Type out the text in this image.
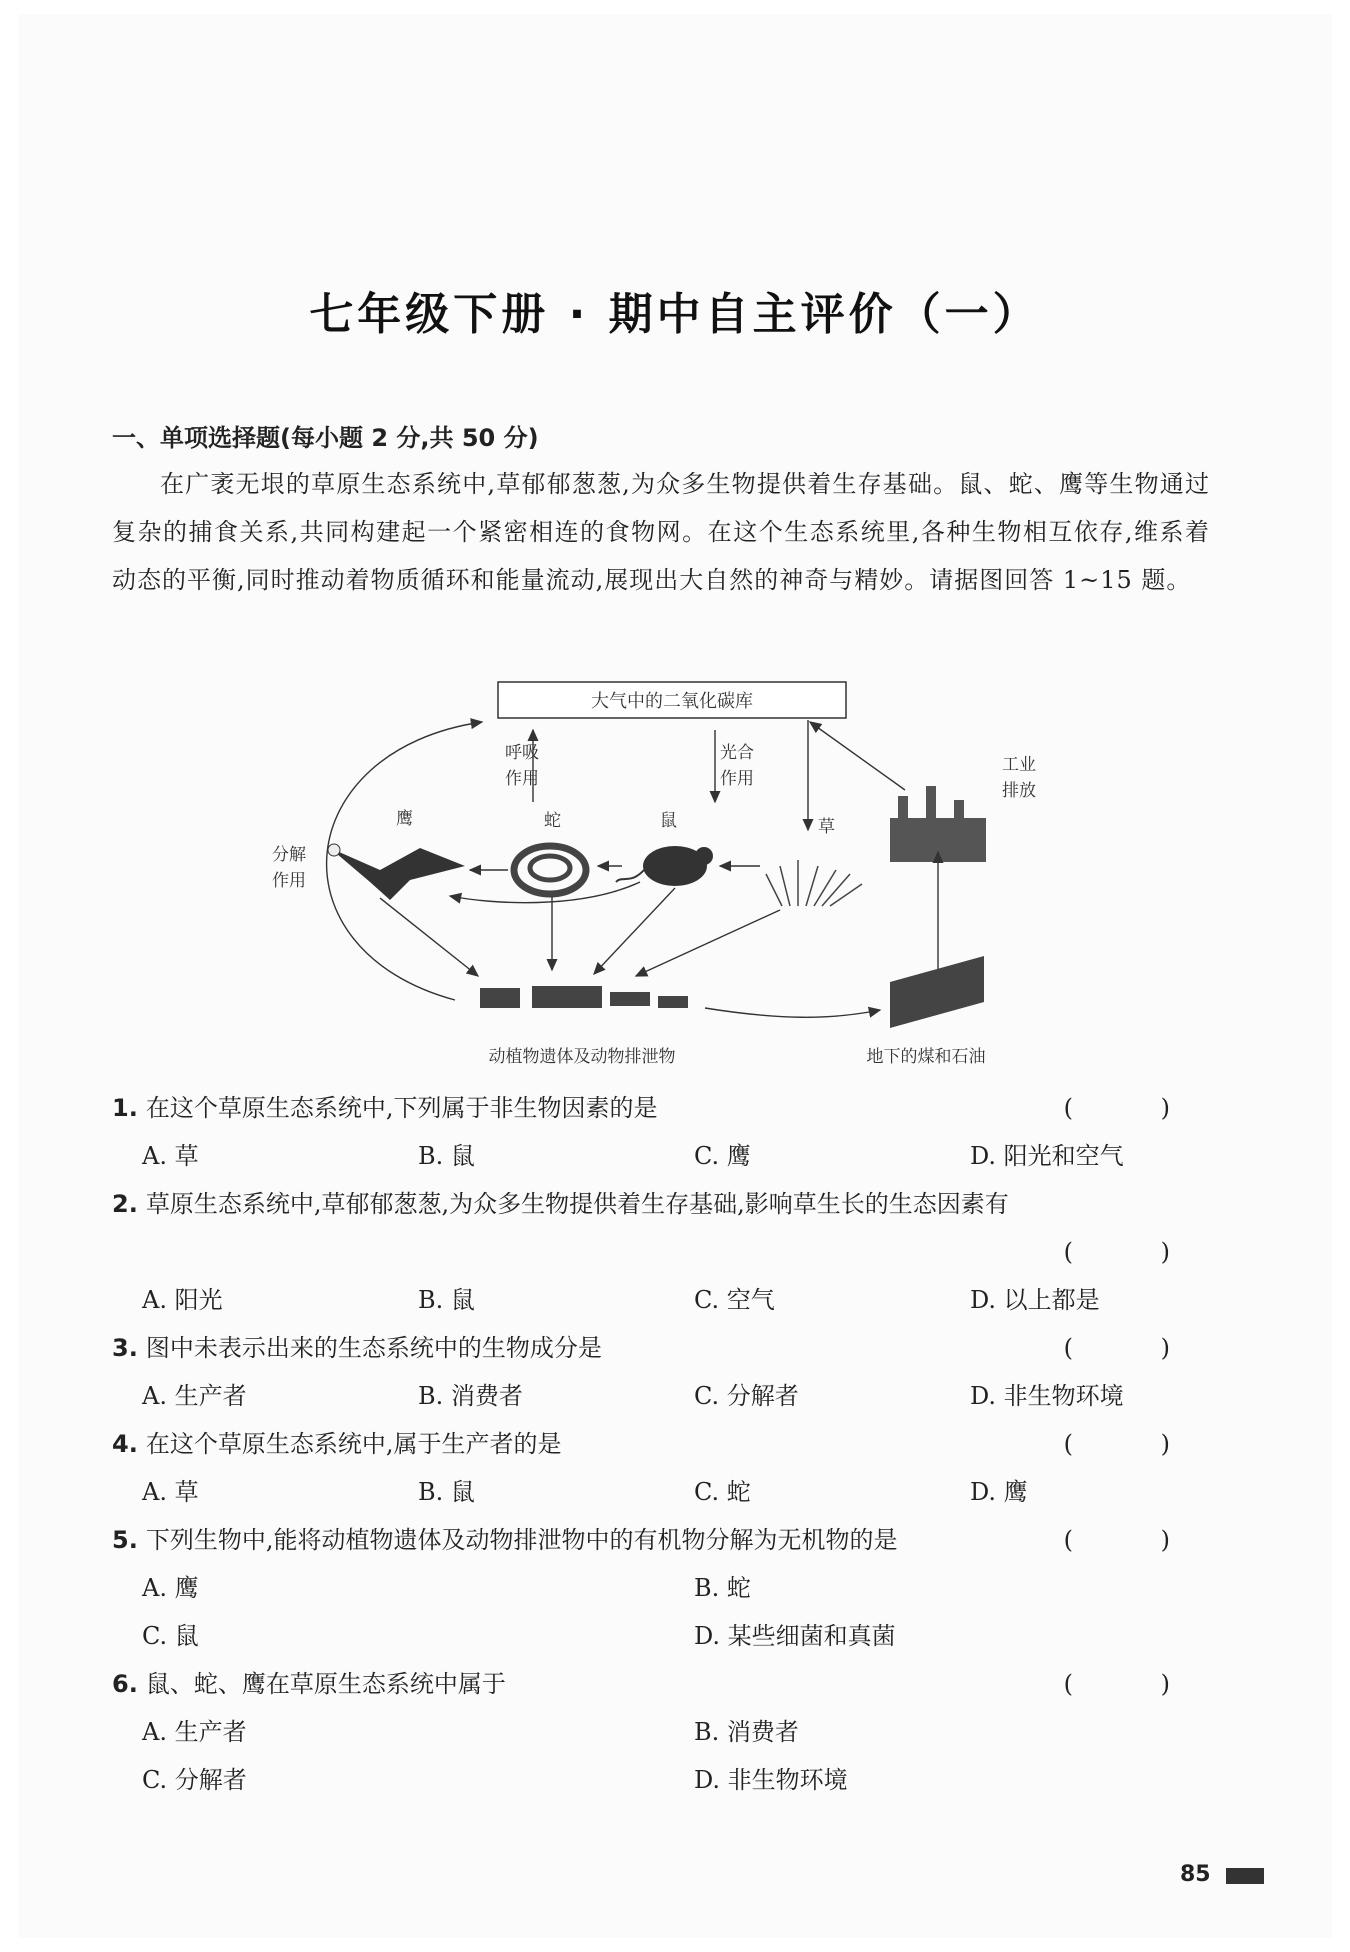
七年级下册 · 期中自主评价（一）
一、单项选择题(每小题 2 分,共 50 分)
在广袤无垠的草原生态系统中,草郁郁葱葱,为众多生物提供着生存基础。鼠、蛇、鹰等生物通过复杂的捕食关系,共同构建起一个紧密相连的食物网。在这个生态系统里,各种生物相互依存,维系着动态的平衡,同时推动着物质循环和能量流动,展现出大自然的神奇与精妙。请据图回答 1~15 题。
大气中的二氧化碳库
呼吸
作用
光合
作用
工业
排放
分解
作用
鹰	蛇	鼠	草
动植物遗体及动物排泄物	地下的煤和石油
1. 在这个草原生态系统中,下列属于非生物因素的是	( )
A. 草	B. 鼠	C. 鹰	D. 阳光和空气
2. 草原生态系统中,草郁郁葱葱,为众多生物提供着生存基础,影响草生长的生态因素有
( )
A. 阳光	B. 鼠	C. 空气	D. 以上都是
3. 图中未表示出来的生态系统中的生物成分是	( )
A. 生产者	B. 消费者	C. 分解者	D. 非生物环境
4. 在这个草原生态系统中,属于生产者的是	( )
A. 草	B. 鼠	C. 蛇	D. 鹰
5. 下列生物中,能将动植物遗体及动物排泄物中的有机物分解为无机物的是	( )
A. 鹰	B. 蛇
C. 鼠	D. 某些细菌和真菌
6. 鼠、蛇、鹰在草原生态系统中属于	( )
A. 生产者	B. 消费者
C. 分解者	D. 非生物环境
85
